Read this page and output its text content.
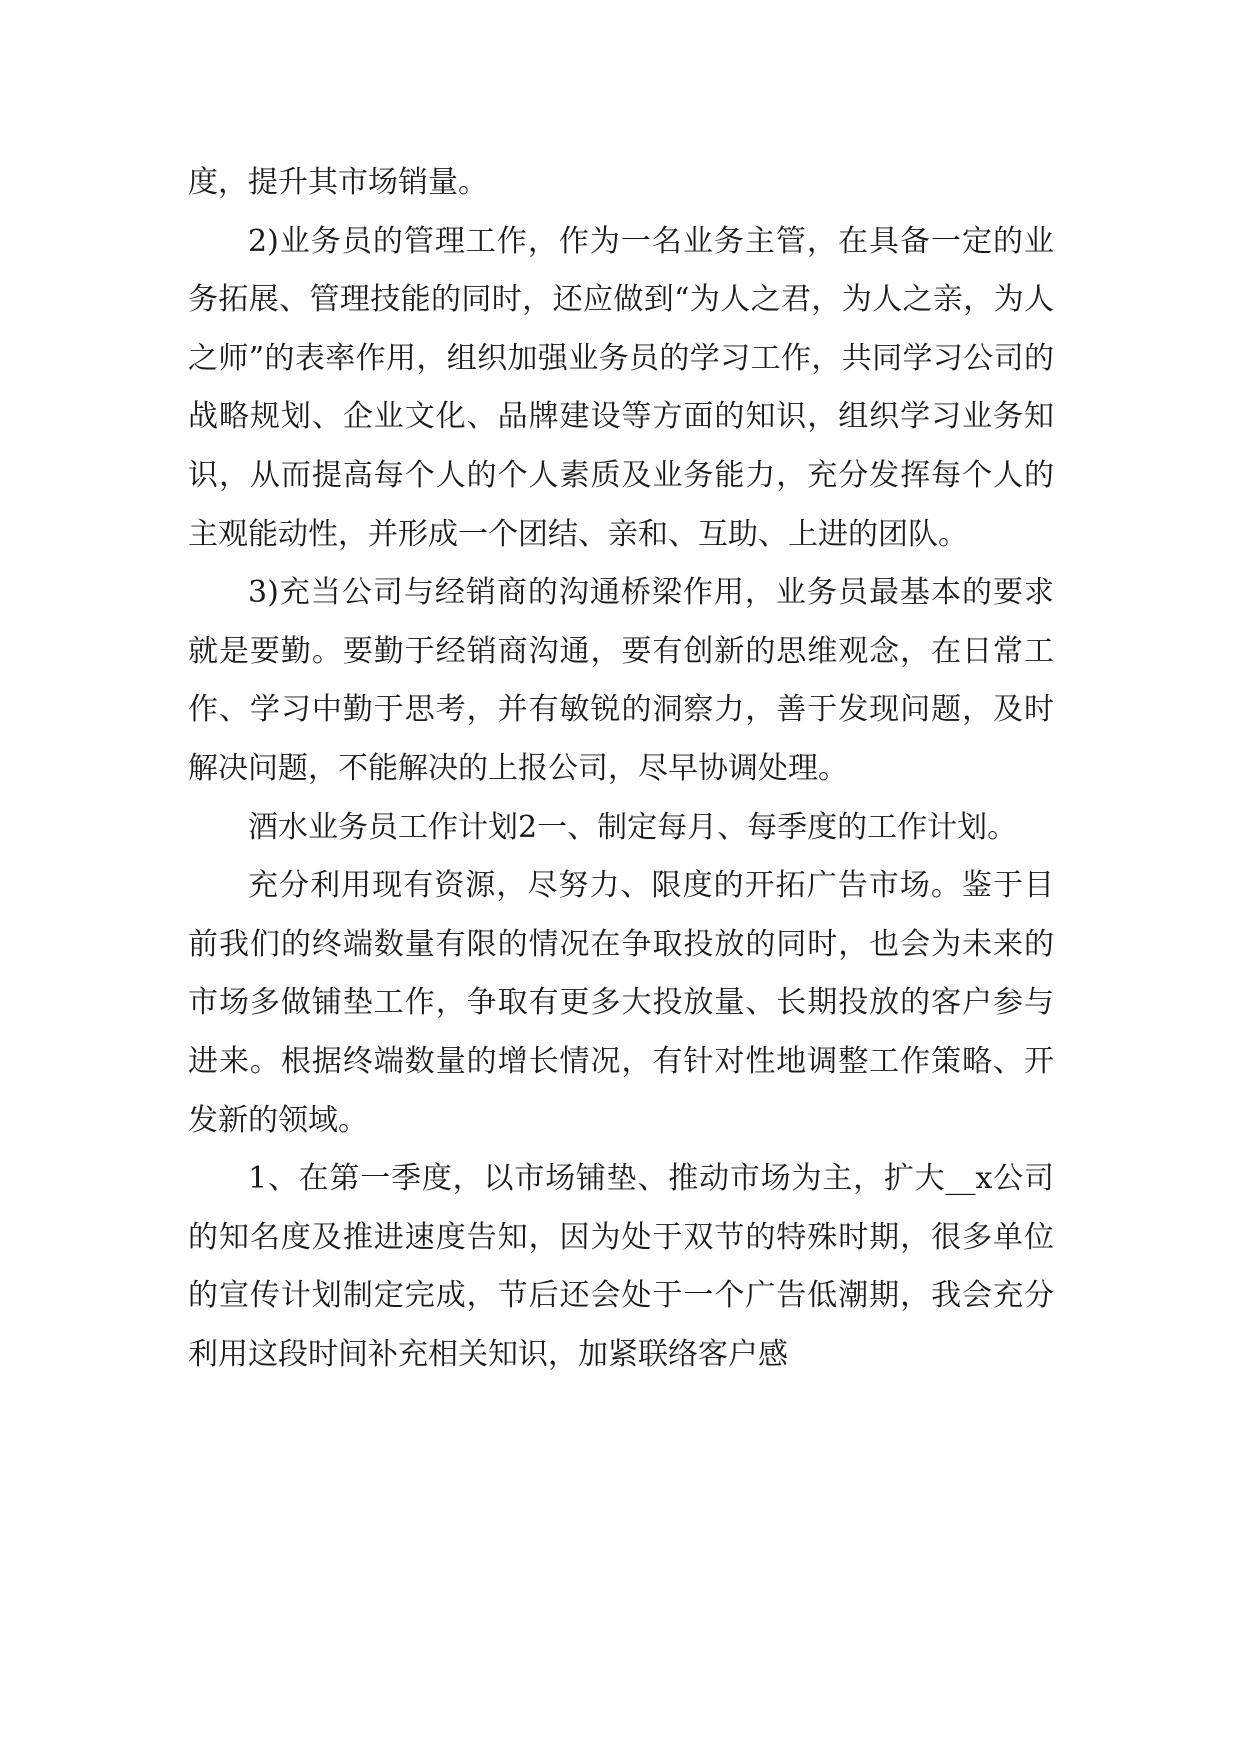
度，提升其市场销量。

2)业务员的管理工作，作为一名业务主管，在具备一定的业务拓展、管理技能的同时，还应做到“为人之君，为人之亲，为人之师”的表率作用，组织加强业务员的学习工作，共同学习公司的战略规划、企业文化、品牌建设等方面的知识，组织学习业务知识，从而提高每个人的个人素质及业务能力，充分发挥每个人的主观能动性，并形成一个团结、亲和、互助、上进的团队。

3)充当公司与经销商的沟通桥梁作用，业务员最基本的要求就是要勤。要勤于经销商沟通，要有创新的思维观念，在日常工作、学习中勤于思考，并有敏锐的洞察力，善于发现问题，及时解决问题，不能解决的上报公司，尽早协调处理。

酒水业务员工作计划2一、制定每月、每季度的工作计划。

充分利用现有资源，尽努力、限度的开拓广告市场。鉴于目前我们的终端数量有限的情况在争取投放的同时，也会为未来的市场多做铺垫工作，争取有更多大投放量、长期投放的客户参与进来。根据终端数量的增长情况，有针对性地调整工作策略、开发新的领域。

1、在第一季度，以市场铺垫、推动市场为主，扩大__x公司的知名度及推进速度告知，因为处于双节的特殊时期，很多单位的宣传计划制定完成，节后还会处于一个广告低潮期，我会充分利用这段时间补充相关知识，加紧联络客户感
